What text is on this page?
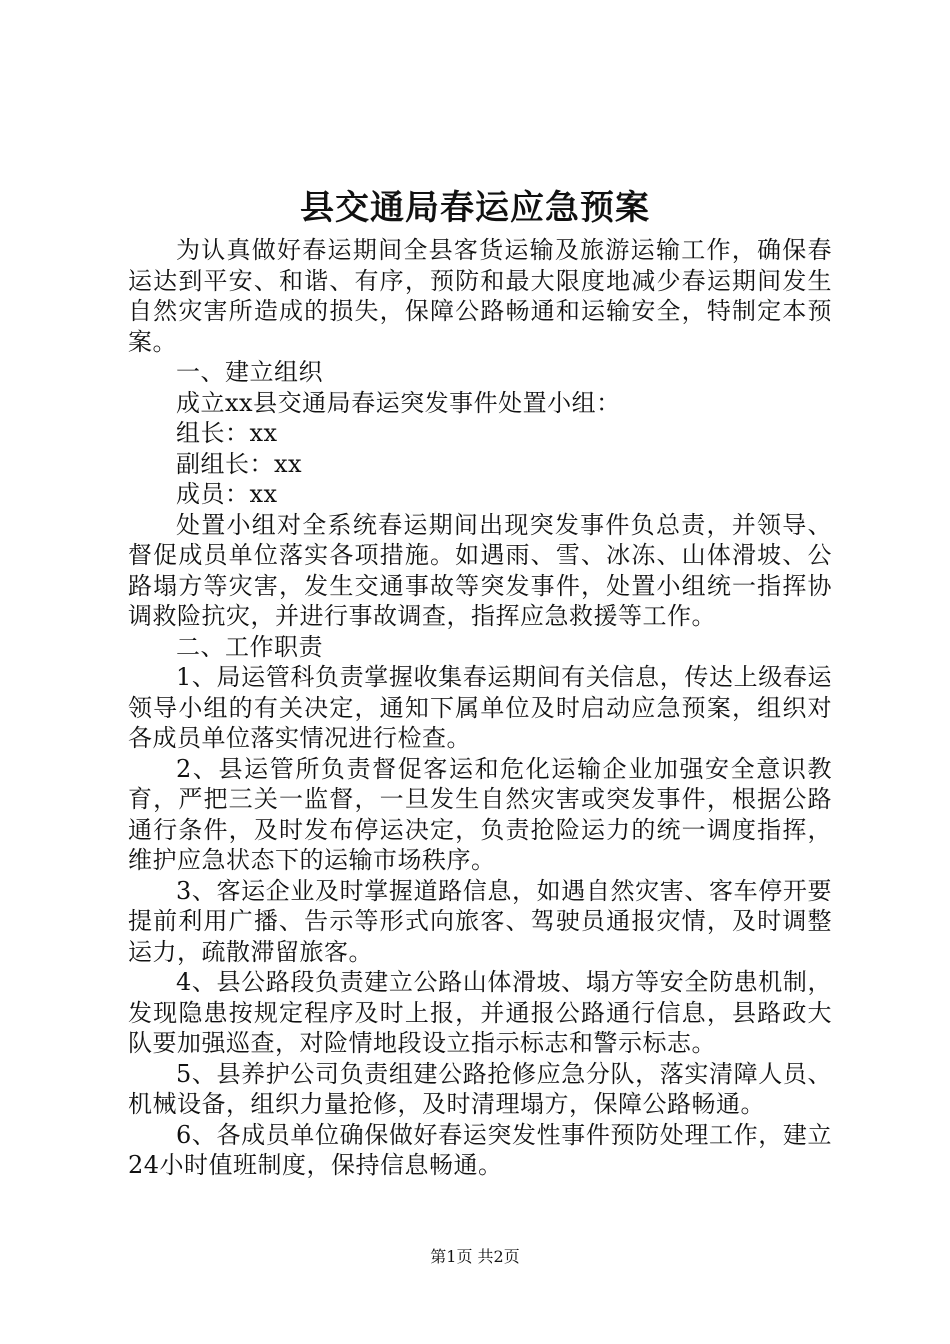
县交通局春运应急预案

为认真做好春运期间全县客货运输及旅游运输工作，确保春运达到平安、和谐、有序，预防和最大限度地减少春运期间发生自然灾害所造成的损失，保障公路畅通和运输安全，特制定本预案。

一、建立组织

成立xx县交通局春运突发事件处置小组：

组长：xx

副组长：xx

成员：xx

处置小组对全系统春运期间出现突发事件负总责，并领导、督促成员单位落实各项措施。如遇雨、雪、冰冻、山体滑坡、公路塌方等灾害，发生交通事故等突发事件，处置小组统一指挥协调救险抗灾，并进行事故调查，指挥应急救援等工作。

二、工作职责

1、局运管科负责掌握收集春运期间有关信息，传达上级春运领导小组的有关决定，通知下属单位及时启动应急预案，组织对各成员单位落实情况进行检查。

2、县运管所负责督促客运和危化运输企业加强安全意识教育，严把三关一监督，一旦发生自然灾害或突发事件，根据公路通行条件，及时发布停运决定，负责抢险运力的统一调度指挥，维护应急状态下的运输市场秩序。

3、客运企业及时掌握道路信息，如遇自然灾害、客车停开要提前利用广播、告示等形式向旅客、驾驶员通报灾情，及时调整运力，疏散滞留旅客。

4、县公路段负责建立公路山体滑坡、塌方等安全防患机制，发现隐患按规定程序及时上报，并通报公路通行信息，县路政大队要加强巡查，对险情地段设立指示标志和警示标志。

5、县养护公司负责组建公路抢修应急分队，落实清障人员、机械设备，组织力量抢修，及时清理塌方，保障公路畅通。

6、各成员单位确保做好春运突发性事件预防处理工作，建立24小时值班制度，保持信息畅通。

第1页 共2页
